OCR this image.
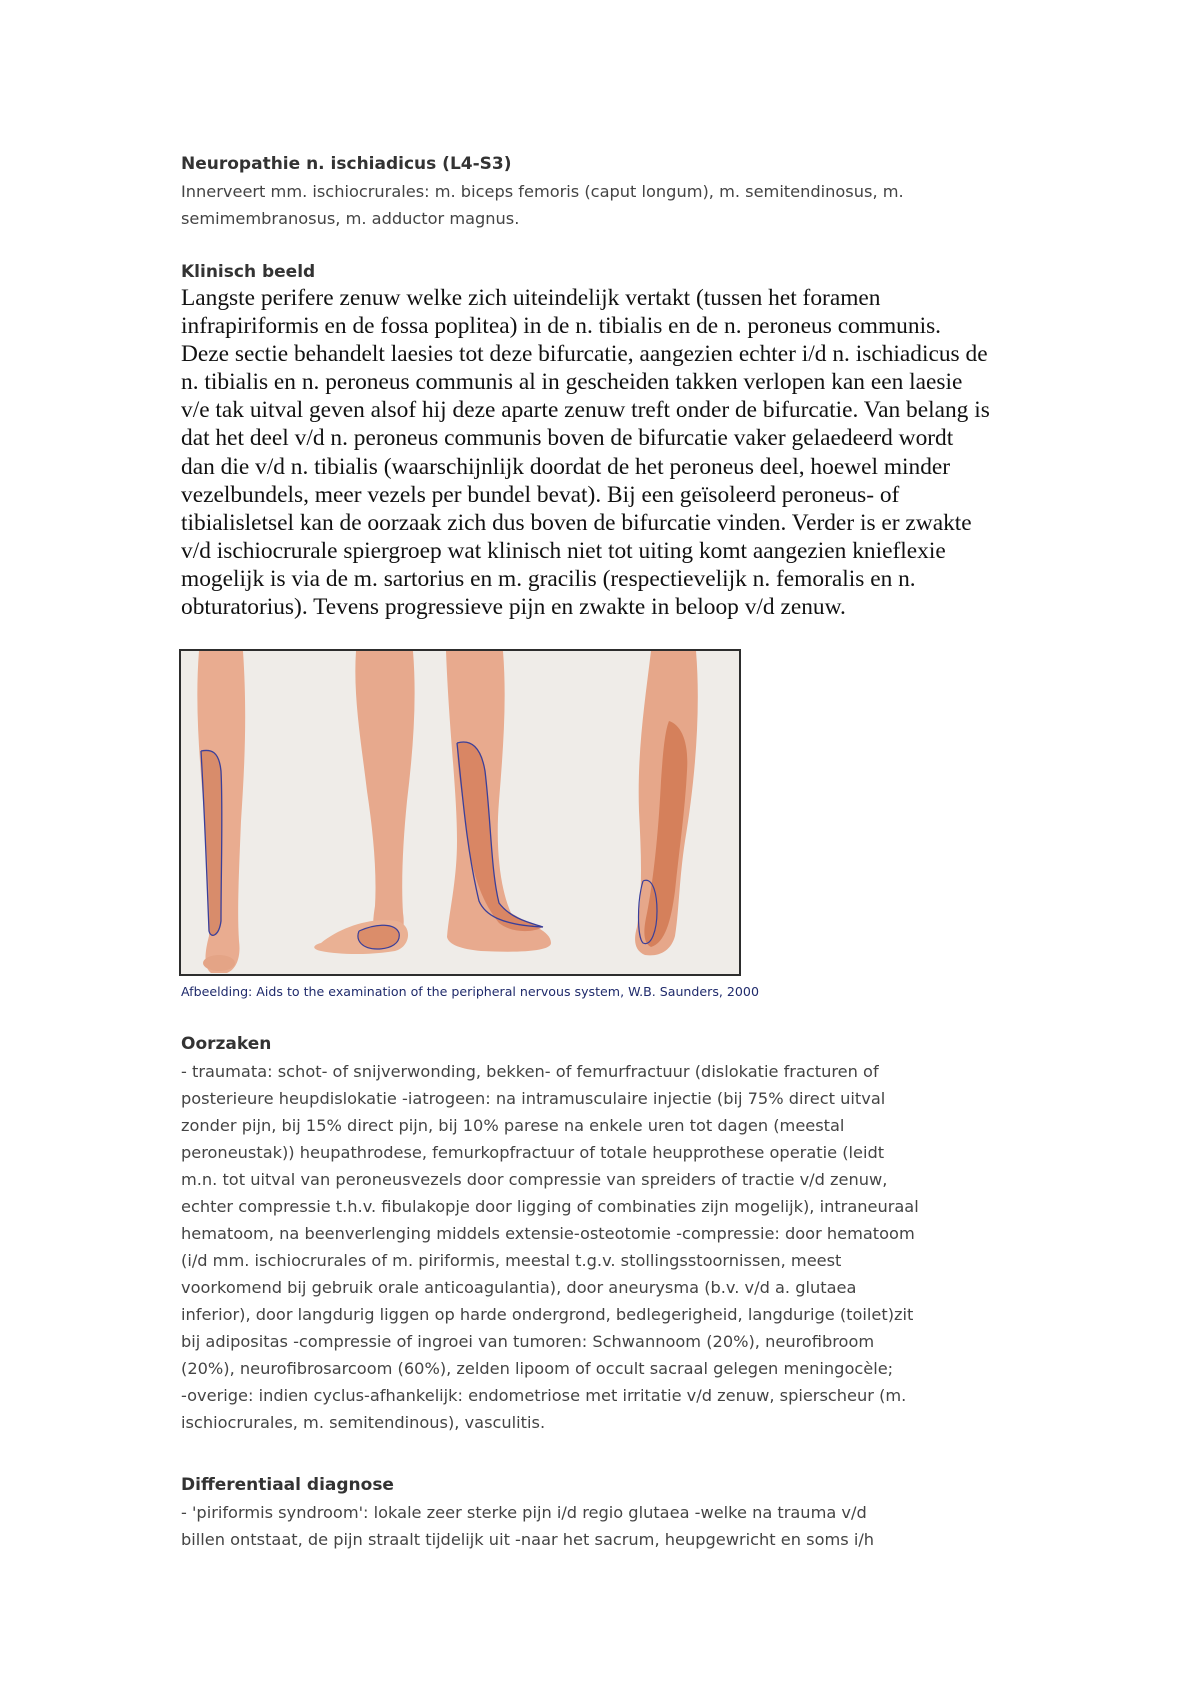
Neuropathie n. ischiadicus (L4-S3)
Innerveert mm. ischiocrurales: m. biceps femoris (caput longum), m. semitendinosus, m.
semimembranosus, m. adductor magnus.
Klinisch beeld
Langste perifere zenuw welke zich uiteindelijk vertakt (tussen het foramen
infrapiriformis en de fossa poplitea) in de n. tibialis en de n. peroneus communis.
Deze sectie behandelt laesies tot deze bifurcatie, aangezien echter i/d n. ischiadicus de
n. tibialis en n. peroneus communis al in gescheiden takken verlopen kan een laesie
v/e tak uitval geven alsof hij deze aparte zenuw treft onder de bifurcatie. Van belang is
dat het deel v/d n. peroneus communis boven de bifurcatie vaker gelaedeerd wordt
dan die v/d n. tibialis (waarschijnlijk doordat de het peroneus deel, hoewel minder
vezelbundels, meer vezels per bundel bevat). Bij een geïsoleerd peroneus- of
tibialisletsel kan de oorzaak zich dus boven de bifurcatie vinden. Verder is er zwakte
v/d ischiocrurale spiergroep wat klinisch niet tot uiting komt aangezien knieflexie
mogelijk is via de m. sartorius en m. gracilis (respectievelijk n. femoralis en n.
obturatorius). Tevens progressieve pijn en zwakte in beloop v/d zenuw.
Afbeelding: Aids to the examination of the peripheral nervous system, W.B. Saunders, 2000
Oorzaken
- traumata: schot- of snijverwonding, bekken- of femurfractuur (dislokatie fracturen of
posterieure heupdislokatie -iatrogeen: na intramusculaire injectie (bij 75% direct uitval
zonder pijn, bij 15% direct pijn, bij 10% parese na enkele uren tot dagen (meestal
peroneustak)) heupathrodese, femurkopfractuur of totale heupprothese operatie (leidt
m.n. tot uitval van peroneusvezels door compressie van spreiders of tractie v/d zenuw,
echter compressie t.h.v. fibulakopje door ligging of combinaties zijn mogelijk), intraneuraal
hematoom, na beenverlenging middels extensie-osteotomie -compressie: door hematoom
(i/d mm. ischiocrurales of m. piriformis, meestal t.g.v. stollingsstoornissen, meest
voorkomend bij gebruik orale anticoagulantia), door aneurysma (b.v. v/d a. glutaea
inferior), door langdurig liggen op harde ondergrond, bedlegerigheid, langdurige (toilet)zit
bij adipositas -compressie of ingroei van tumoren: Schwannoom (20%), neurofibroom
(20%), neurofibrosarcoom (60%), zelden lipoom of occult sacraal gelegen meningocèle;
-overige: indien cyclus-afhankelijk: endometriose met irritatie v/d zenuw, spierscheur (m.
ischiocrurales, m. semitendinous), vasculitis.
Differentiaal diagnose
- 'piriformis syndroom': lokale zeer sterke pijn i/d regio glutaea -welke na trauma v/d
billen ontstaat, de pijn straalt tijdelijk uit -naar het sacrum, heupgewricht en soms i/h
